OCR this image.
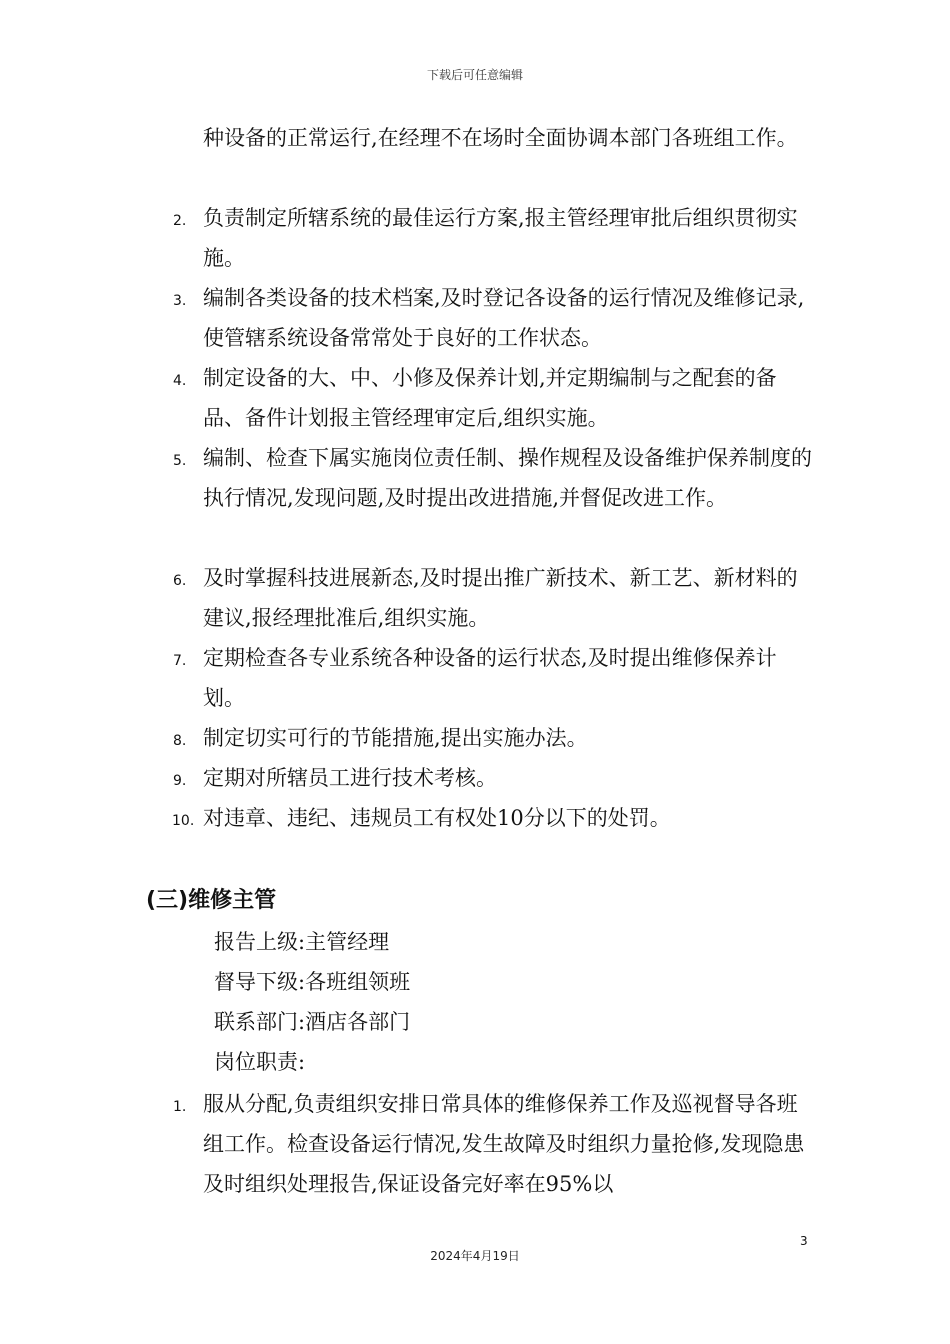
下载后可任意编辑
种设备的正常运行,在经理不在场时全面协调本部门各班组工作。
2. 负责制定所辖系统的最佳运行方案,报主管经理审批后组织贯彻实施。
3. 编制各类设备的技术档案,及时登记各设备的运行情况及维修记录,使管辖系统设备常常处于良好的工作状态。
4. 制定设备的大、中、小修及保养计划,并定期编制与之配套的备品、备件计划报主管经理审定后,组织实施。
5. 编制、检查下属实施岗位责任制、操作规程及设备维护保养制度的执行情况,发现问题,及时提出改进措施,并督促改进工作。
6. 及时掌握科技进展新态,及时提出推广新技术、新工艺、新材料的建议,报经理批准后,组织实施。
7. 定期检查各专业系统各种设备的运行状态,及时提出维修保养计划。
8. 制定切实可行的节能措施,提出实施办法。
9. 定期对所辖员工进行技术考核。
10. 对违章、违纪、违规员工有权处10分以下的处罚。
(三)维修主管
报告上级:主管经理
督导下级:各班组领班
联系部门:酒店各部门
岗位职责:
1. 服从分配,负责组织安排日常具体的维修保养工作及巡视督导各班组工作。检查设备运行情况,发生故障及时组织力量抢修,发现隐患及时组织处理报告,保证设备完好率在95%以
3
2024年4月19日
